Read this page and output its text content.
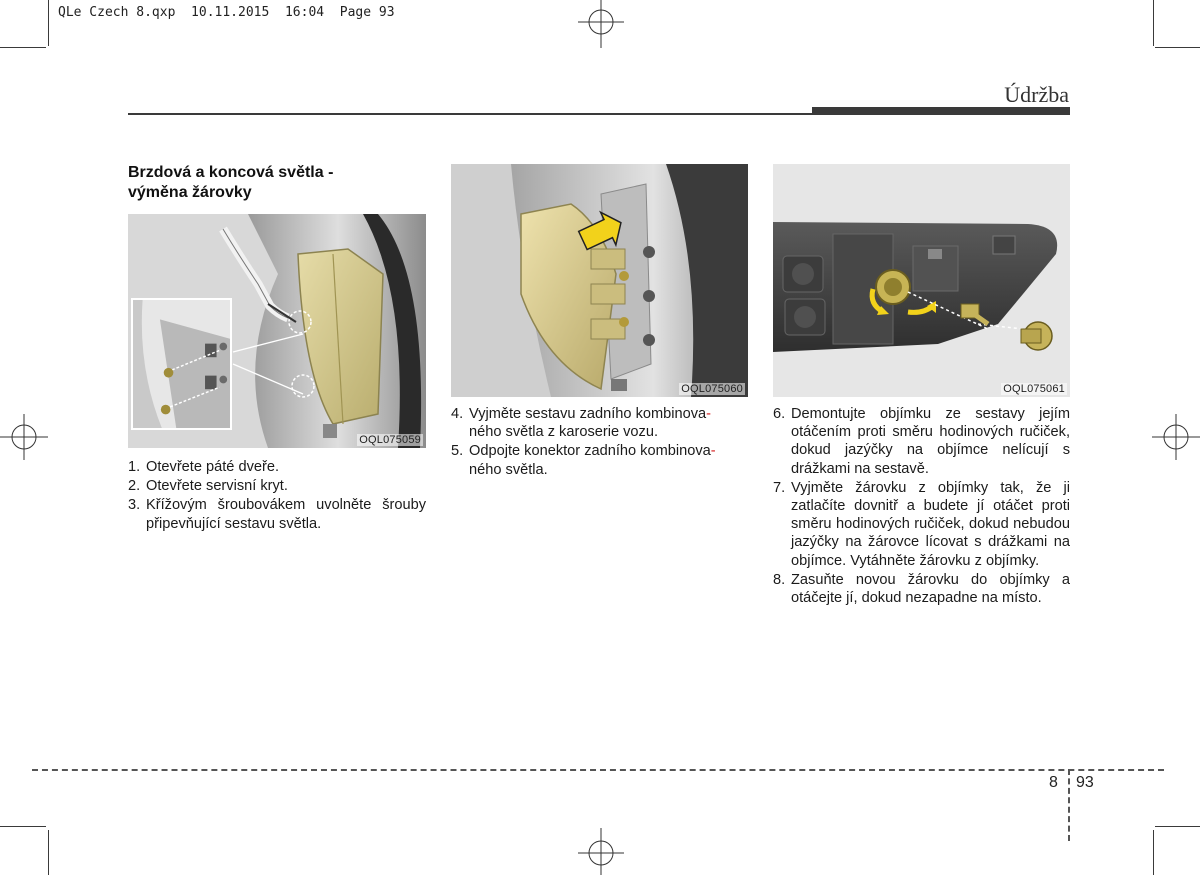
QLe Czech 8.qxp  10.11.2015  16:04  Page 93
Údržba
Brzdová a koncová světla -
výměna žárovky
OQL075059
1. Otevřete páté dveře.
2. Otevřete servisní kryt.
3. Křížovým šroubovákem uvolněte šrouby připevňující sestavu světla.
OQL075060
4. Vyjměte sestavu zadního kombinova-
ného světla z karoserie vozu.
5. Odpojte konektor zadního kombinova-
ného světla.
OQL075061
6. Demontujte objímku ze sestavy jejím otáčením proti směru hodinových ručiček, dokud jazýčky na objímce nelícují s drážkami na sestavě.
7. Vyjměte žárovku z objímky tak, že ji zatlačíte dovnitř a budete jí otáčet proti směru hodinových ručiček, dokud nebudou jazýčky na žárovce lícovat s drážkami na objímce. Vytáhněte žárovku z objímky.
8. Zasuňte novou žárovku do objímky a otáčejte jí, dokud nezapadne na místo.
8 93
